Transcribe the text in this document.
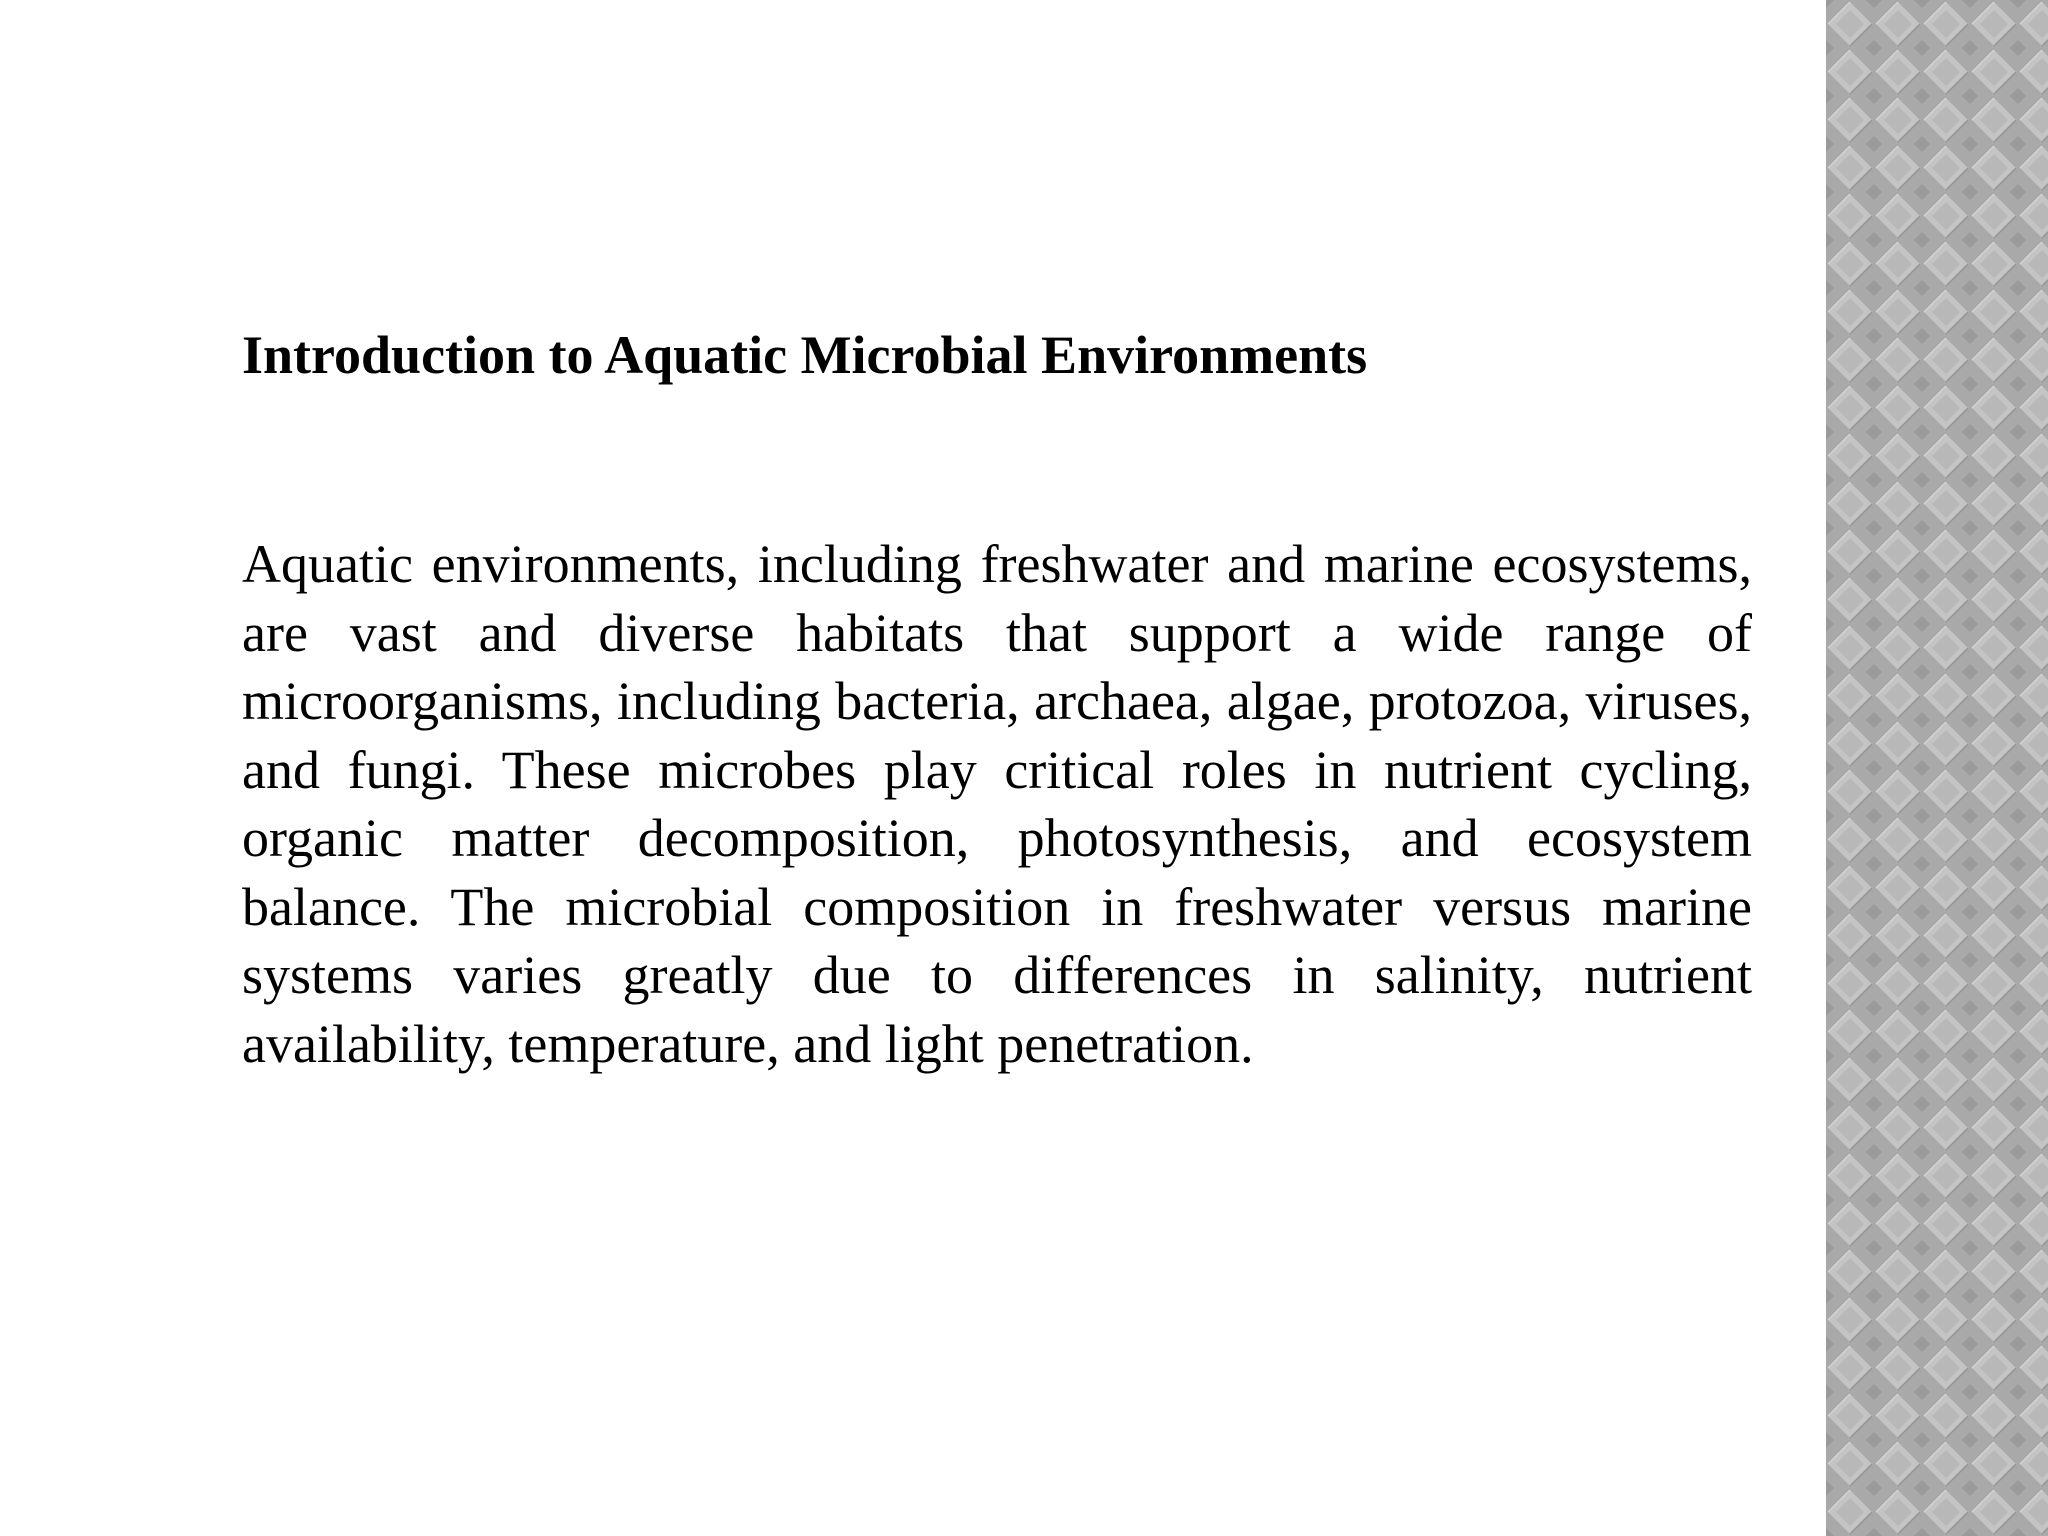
Introduction to Aquatic Microbial Environments

Aquatic environments, including freshwater and marine ecosystems, are vast and diverse habitats that support a wide range of microorganisms, including bacteria, archaea, algae, protozoa, viruses, and fungi. These microbes play critical roles in nutrient cycling, organic matter decomposition, photosynthesis, and ecosystem balance. The microbial composition in freshwater versus marine systems varies greatly due to differences in salinity, nutrient availability, temperature, and light penetration.
